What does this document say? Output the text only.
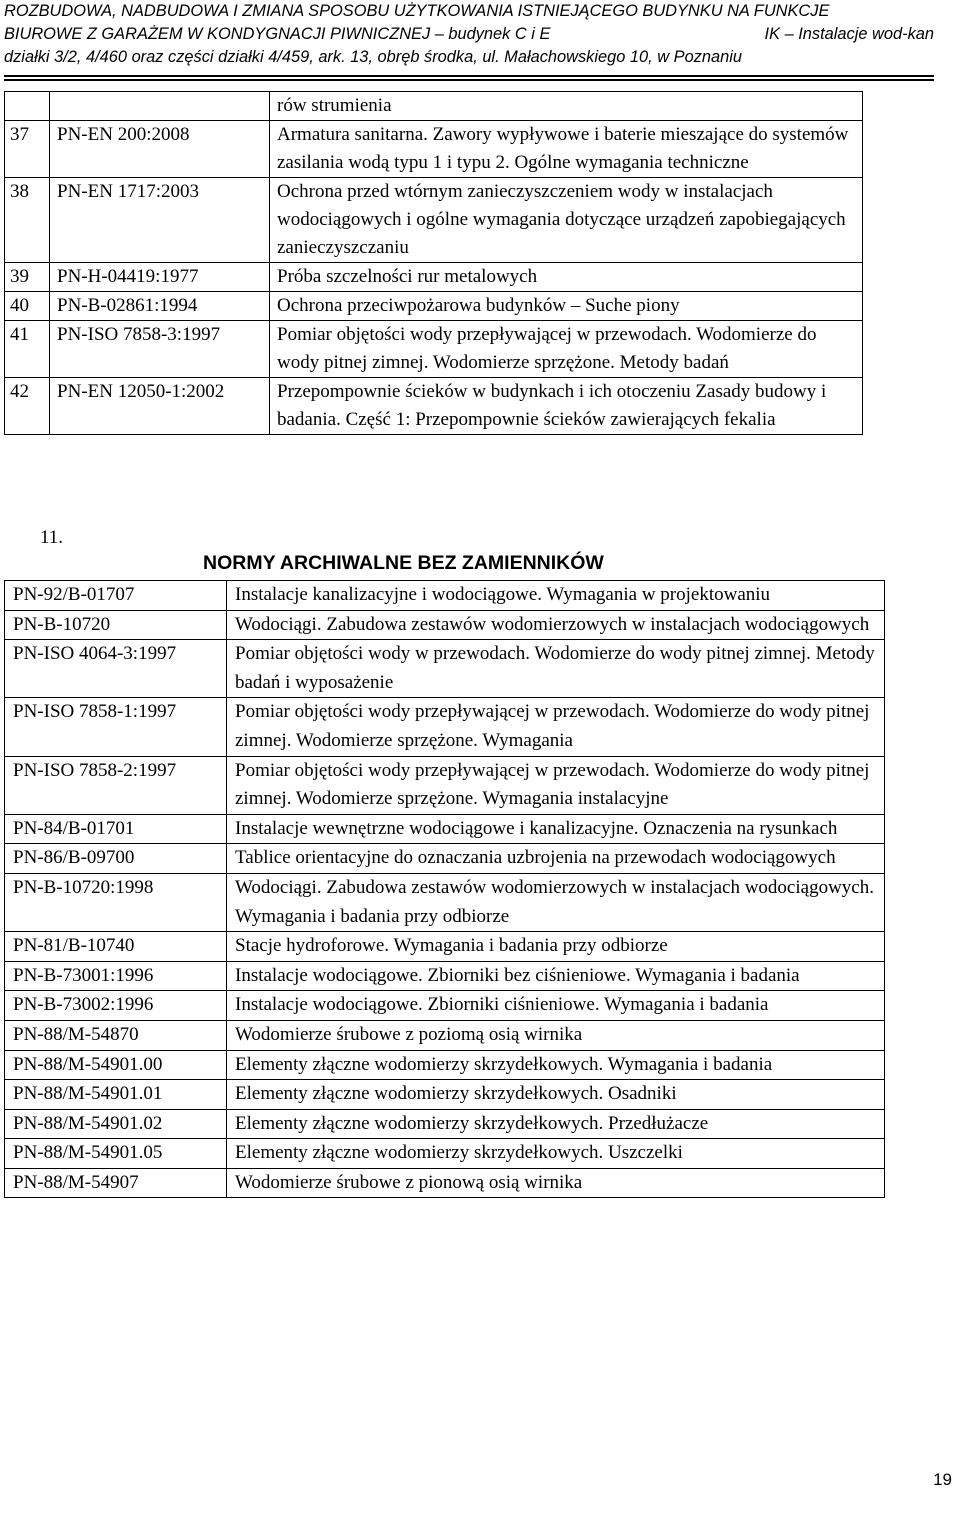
ROZBUDOWA, NADBUDOWA I ZMIANA SPOSOBU UŻYTKOWANIA ISTNIEJĄCEGO BUDYNKU NA FUNKCJE
BIUROWE Z GARAŻEM W KONDYGNACJI PIWNICZNEJ – budynek C i E	IK – Instalacje wod-kan
działki 3/2, 4/460 oraz części działki 4/459, ark. 13, obręb środka, ul. Małachowskiego 10, w Poznaniu
		rów strumienia
37	PN-EN 200:2008	Armatura sanitarna. Zawory wypływowe i baterie mieszające do systemów zasilania wodą typu 1 i typu 2. Ogólne wymagania techniczne
38	PN-EN 1717:2003	Ochrona przed wtórnym zanieczyszczeniem wody w instalacjach wodociągowych i ogólne wymagania dotyczące urządzeń zapobiegających zanieczyszczaniu
39	PN-H-04419:1977	Próba szczelności rur metalowych
40	PN-B-02861:1994	Ochrona przeciwpożarowa budynków – Suche piony
41	PN-ISO 7858-3:1997	Pomiar objętości wody przepływającej w przewodach. Wodomierze do wody pitnej zimnej. Wodomierze sprzężone. Metody badań
42	PN-EN 12050-1:2002	Przepompownie ścieków w budynkach i ich otoczeniu Zasady budowy i badania. Część 1: Przepompownie ścieków zawierających fekalia
11.
NORMY ARCHIWALNE BEZ ZAMIENNIKÓW
PN-92/B-01707	Instalacje kanalizacyjne i wodociągowe. Wymagania w projektowaniu
PN-B-10720	Wodociągi. Zabudowa zestawów wodomierzowych w instalacjach wodociągowych
PN-ISO 4064-3:1997	Pomiar objętości wody w przewodach. Wodomierze do wody pitnej zimnej. Metody badań i wyposażenie
PN-ISO 7858-1:1997	Pomiar objętości wody przepływającej w przewodach. Wodomierze do wody pitnej zimnej. Wodomierze sprzężone. Wymagania
PN-ISO 7858-2:1997	Pomiar objętości wody przepływającej w przewodach. Wodomierze do wody pitnej zimnej. Wodomierze sprzężone. Wymagania instalacyjne
PN-84/B-01701	Instalacje wewnętrzne wodociągowe i kanalizacyjne. Oznaczenia na rysunkach
PN-86/B-09700	Tablice orientacyjne do oznaczania uzbrojenia na przewodach wodociągowych
PN-B-10720:1998	Wodociągi. Zabudowa zestawów wodomierzowych w instalacjach wodociągowych. Wymagania i badania przy odbiorze
PN-81/B-10740	Stacje hydroforowe. Wymagania i badania przy odbiorze
PN-B-73001:1996	Instalacje wodociągowe. Zbiorniki bez ciśnieniowe. Wymagania i badania
PN-B-73002:1996	Instalacje wodociągowe. Zbiorniki ciśnieniowe. Wymagania i badania
PN-88/M-54870	Wodomierze śrubowe z poziomą osią wirnika
PN-88/M-54901.00	Elementy złączne wodomierzy skrzydełkowych. Wymagania i badania
PN-88/M-54901.01	Elementy złączne wodomierzy skrzydełkowych. Osadniki
PN-88/M-54901.02	Elementy złączne wodomierzy skrzydełkowych. Przedłużacze
PN-88/M-54901.05	Elementy złączne wodomierzy skrzydełkowych. Uszczelki
PN-88/M-54907	Wodomierze śrubowe z pionową osią wirnika
19
